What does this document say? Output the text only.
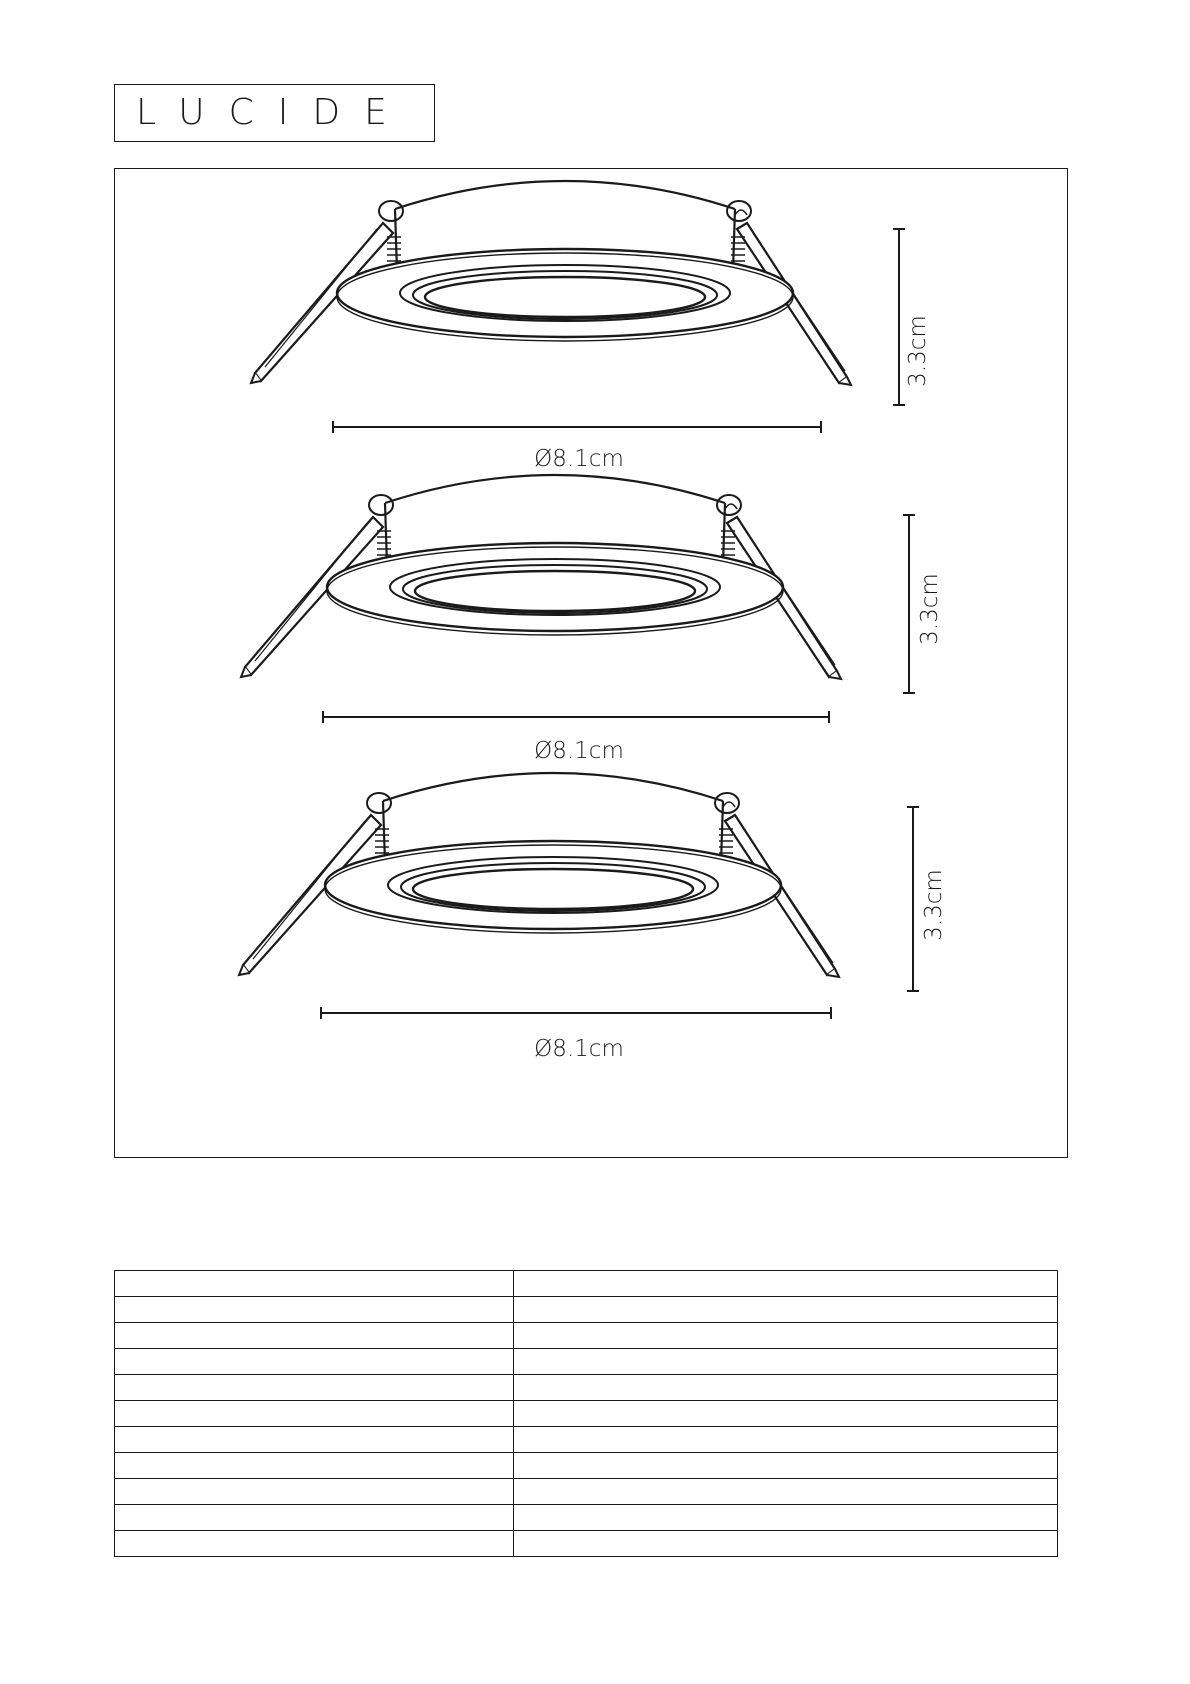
LUCIDE
3.3cm
Ø8.1cm
3.3cm
Ø8.1cm
3.3cm
Ø8.1cm
